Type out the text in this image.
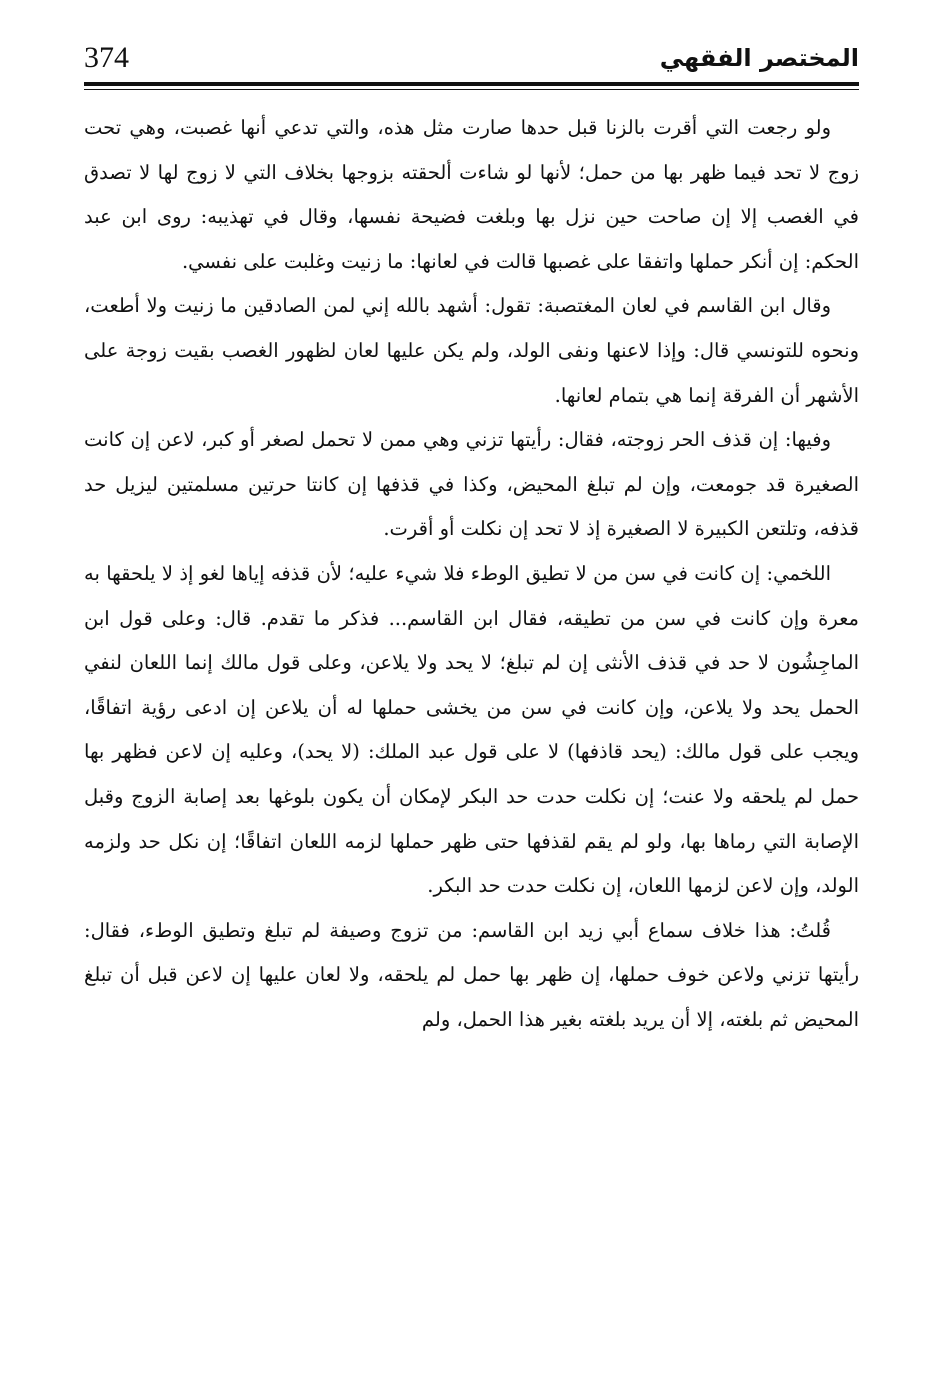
374	المختصر الفقهي

ولو رجعت التي أقرت بالزنا قبل حدها صارت مثل هذه، والتي تدعي أنها غصبت، وهي تحت زوج لا تحد فيما ظهر بها من حمل؛ لأنها لو شاءت ألحقته بزوجها بخلاف التي لا زوج لها لا تصدق في الغصب إلا إن صاحت حين نزل بها وبلغت فضيحة نفسها، وقال في تهذيبه: روى ابن عبد الحكم: إن أنكر حملها واتفقا على غصبها قالت في لعانها: ما زنيت وغلبت على نفسي.

وقال ابن القاسم في لعان المغتصبة: تقول: أشهد بالله إني لمن الصادقين ما زنيت ولا أطعت، ونحوه للتونسي قال: وإذا لاعنها ونفى الولد، ولم يكن عليها لعان لظهور الغصب بقيت زوجة على الأشهر أن الفرقة إنما هي بتمام لعانها.

وفيها: إن قذف الحر زوجته، فقال: رأيتها تزني وهي ممن لا تحمل لصغر أو كبر، لاعن إن كانت الصغيرة قد جومعت، وإن لم تبلغ المحيض، وكذا في قذفها إن كانتا حرتين مسلمتين ليزيل حد قذفه، وتلتعن الكبيرة لا الصغيرة إذ لا تحد إن نكلت أو أقرت.

اللخمي: إن كانت في سن من لا تطيق الوطء فلا شيء عليه؛ لأن قذفه إياها لغو إذ لا يلحقها به معرة وإن كانت في سن من تطيقه، فقال ابن القاسم... فذكر ما تقدم. قال: وعلى قول ابن الماجِشُون لا حد في قذف الأنثى إن لم تبلغ؛ لا يحد ولا يلاعن، وعلى قول مالك إنما اللعان لنفي الحمل يحد ولا يلاعن، وإن كانت في سن من يخشى حملها له أن يلاعن إن ادعى رؤية اتفاقًا، ويجب على قول مالك: (يحد قاذفها) لا على قول عبد الملك: (لا يحد)، وعليه إن لاعن فظهر بها حمل لم يلحقه ولا عنت؛ إن نكلت حدت حد البكر لإمكان أن يكون بلوغها بعد إصابة الزوج وقبل الإصابة التي رماها بها، ولو لم يقم لقذفها حتى ظهر حملها لزمه اللعان اتفاقًا؛ إن نكل حد ولزمه الولد، وإن لاعن لزمها اللعان، إن نكلت حدت حد البكر.

قُلتُ: هذا خلاف سماع أبي زيد ابن القاسم: من تزوج وصيفة لم تبلغ وتطيق الوطء، فقال: رأيتها تزني ولاعن خوف حملها، إن ظهر بها حمل لم يلحقه، ولا لعان عليها إن لاعن قبل أن تبلغ المحيض ثم بلغته، إلا أن يريد بلغته بغير هذا الحمل، ولم
